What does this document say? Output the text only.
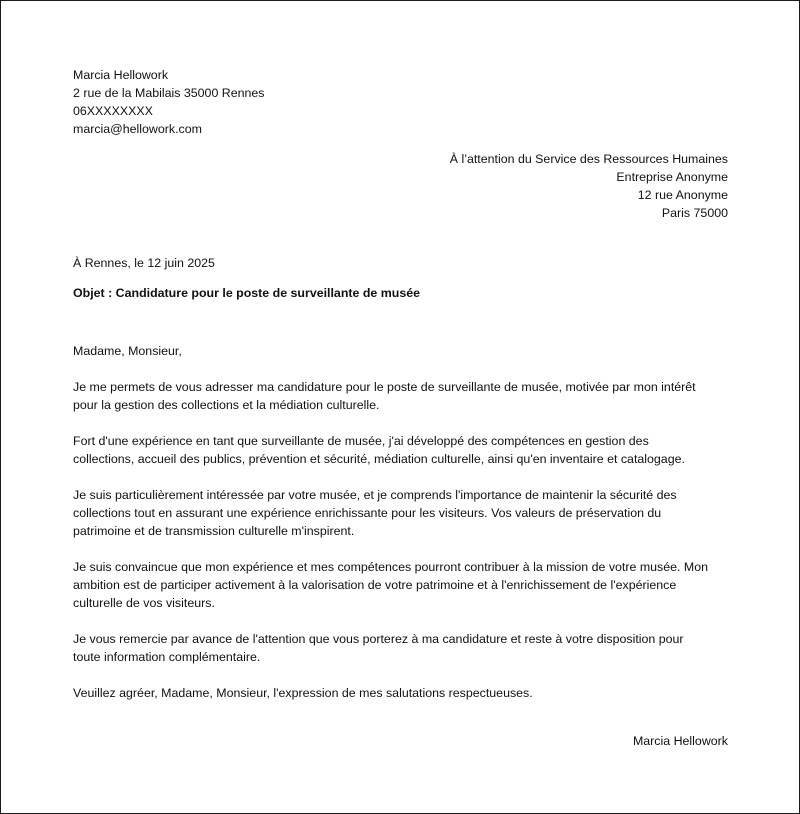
Marcia Hellowork
2 rue de la Mabilais 35000 Rennes
06XXXXXXXX
marcia@hellowork.com
À l’attention du Service des Ressources Humaines
Entreprise Anonyme
12 rue Anonyme
Paris 75000
À Rennes, le 12 juin 2025
Objet : Candidature pour le poste de surveillante de musée

Madame, Monsieur,

Je me permets de vous adresser ma candidature pour le poste de surveillante de musée, motivée par mon intérêt
pour la gestion des collections et la médiation culturelle.

Fort d'une expérience en tant que surveillante de musée, j'ai développé des compétences en gestion des
collections, accueil des publics, prévention et sécurité, médiation culturelle, ainsi qu'en inventaire et catalogage.

Je suis particulièrement intéressée par votre musée, et je comprends l'importance de maintenir la sécurité des
collections tout en assurant une expérience enrichissante pour les visiteurs. Vos valeurs de préservation du
patrimoine et de transmission culturelle m'inspirent.

Je suis convaincue que mon expérience et mes compétences pourront contribuer à la mission de votre musée. Mon
ambition est de participer activement à la valorisation de votre patrimoine et à l'enrichissement de l'expérience
culturelle de vos visiteurs.

Je vous remercie par avance de l'attention que vous porterez à ma candidature et reste à votre disposition pour
toute information complémentaire.

Veuillez agréer, Madame, Monsieur, l'expression de mes salutations respectueuses.

Marcia Hellowork
